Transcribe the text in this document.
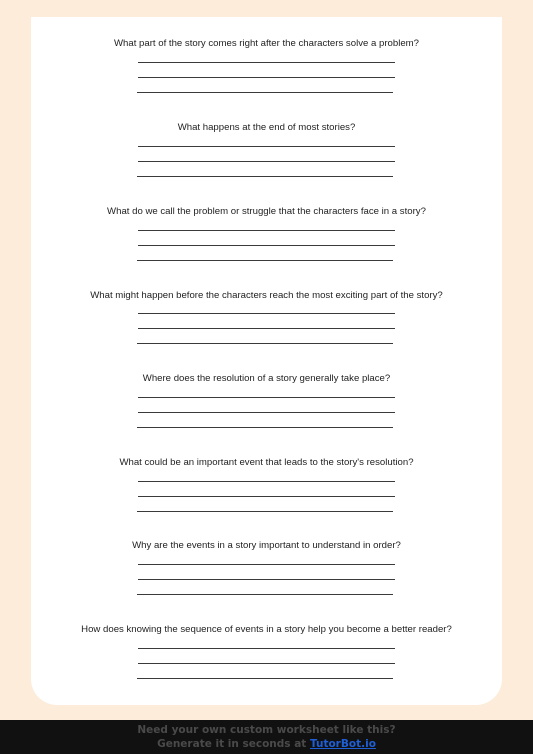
What part of the story comes right after the characters solve a problem?
What happens at the end of most stories?
What do we call the problem or struggle that the characters face in a story?
What might happen before the characters reach the most exciting part of the story?
Where does the resolution of a story generally take place?
What could be an important event that leads to the story's resolution?
Why are the events in a story important to understand in order?
How does knowing the sequence of events in a story help you become a better reader?
Need your own custom worksheet like this?
Generate it in seconds at TutorBot.io
